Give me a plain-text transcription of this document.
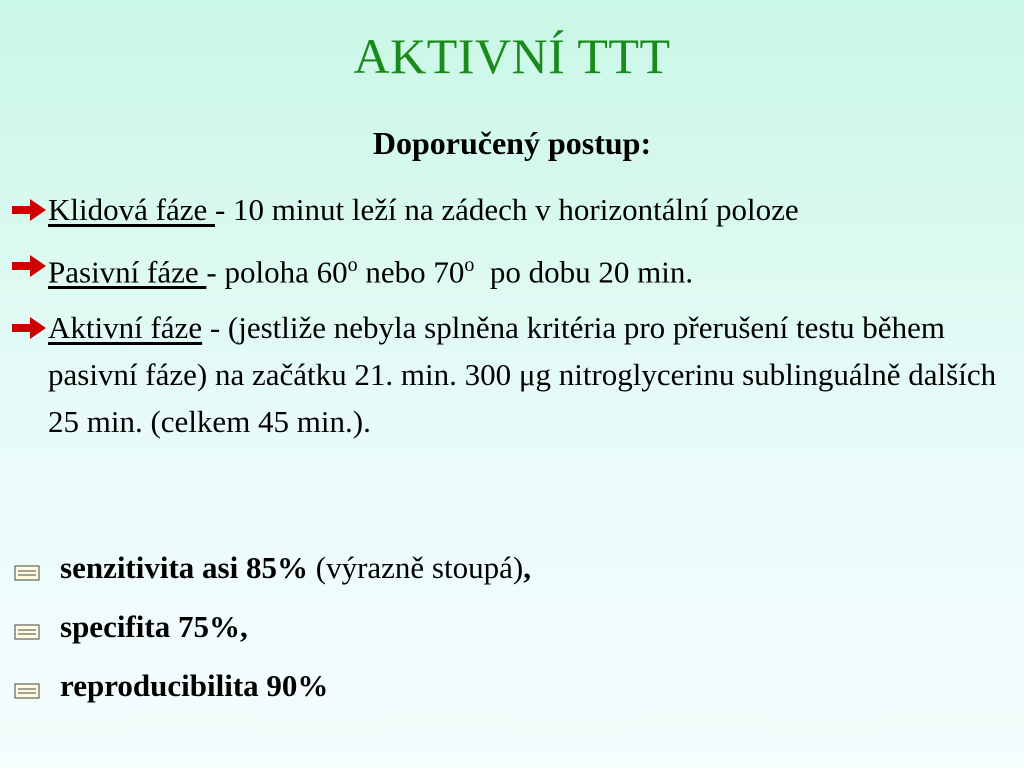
AKTIVNÍ TTT
Doporučený postup:
Klidová fáze - 10 minut leží na zádech v horizontální poloze
Pasivní fáze - poloha 60$^o$ nebo 70$^o$  po dobu 20 min.
Aktivní fáze - (jestliže nebyla splněna kritéria pro přerušení testu během pasivní fáze) na začátku 21. min. 300 μg nitroglycerinu sublinguálně dalších 25 min. (celkem 45 min.).
senzitivita asi 85% (výrazně stoupá),
specifita 75%,
reproducibilita 90%
